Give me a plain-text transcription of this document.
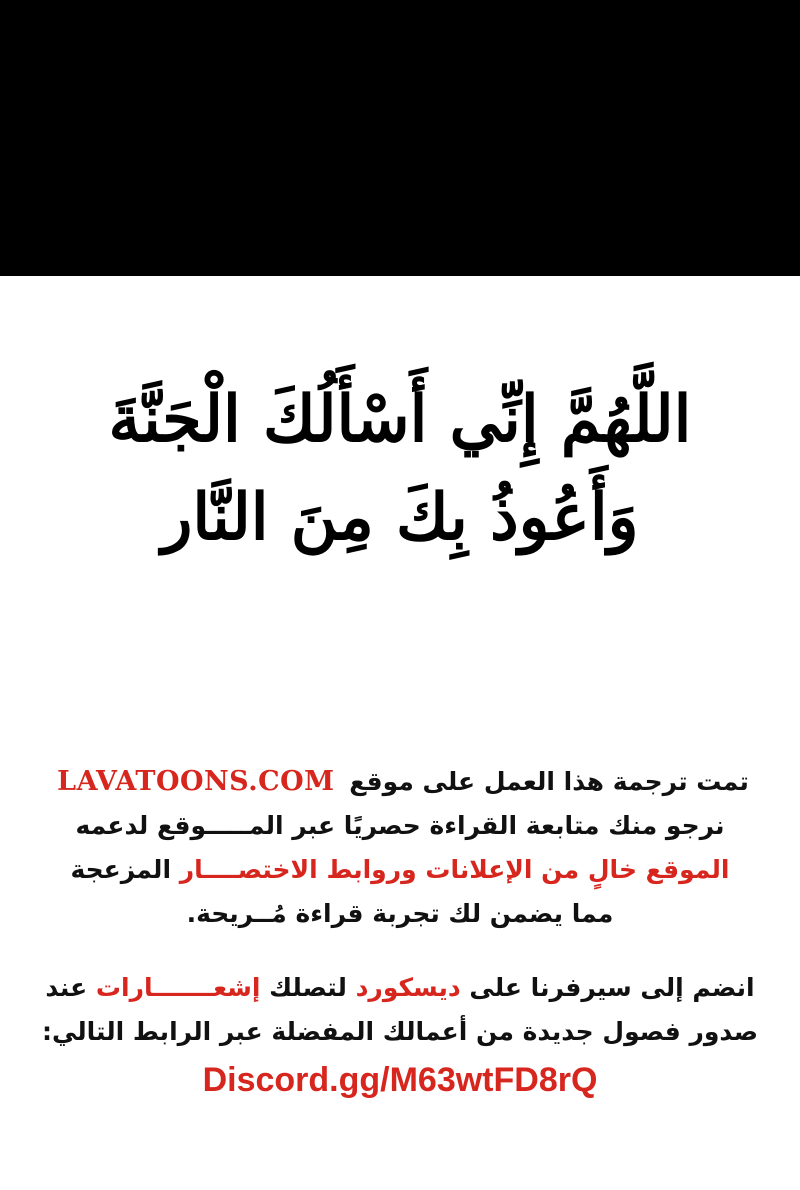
اللَّهُمَّ إِنِّي أَسْأَلُكَ الْجَنَّةَ
وَأَعُوذُ بِكَ مِنَ النَّار
تمت ترجمة هذا العمل على موقع LAVATOONS.COM
نرجو منك متابعة القراءة حصريًا عبر المـــــوقع لدعمه
الموقع خالٍ من الإعلانات وروابط الاختصــــار المزعجة
مما يضمن لك تجربة قراءة مُــريحة.
انضم إلى سيرفرنا على ديسكورد لتصلك إشعـــــــارات عند
صدور فصول جديدة من أعمالك المفضلة عبر الرابط التالي:
Discord.gg/M63wtFD8rQ
